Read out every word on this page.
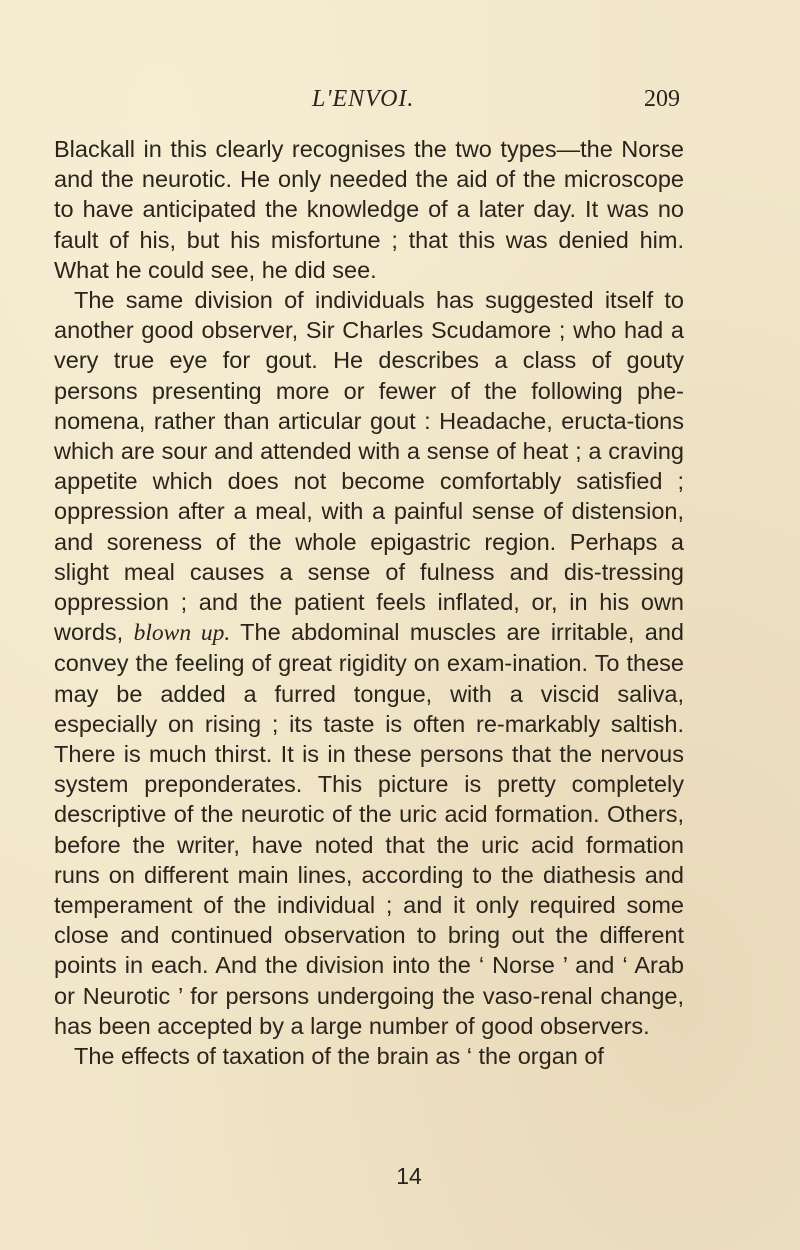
L'ENVOI.	209

Blackall in this clearly recognises the two types—the Norse and the neurotic. He only needed the aid of the microscope to have anticipated the knowledge of a later day. It was no fault of his, but his misfortune ; that this was denied him. What he could see, he did see.

The same division of individuals has suggested itself to another good observer, Sir Charles Scudamore ; who had a very true eye for gout. He describes a class of gouty persons presenting more or fewer of the following phe-nomena, rather than articular gout : Headache, eructa-tions which are sour and attended with a sense of heat ; a craving appetite which does not become comfortably satisfied ; oppression after a meal, with a painful sense of distension, and soreness of the whole epigastric region. Perhaps a slight meal causes a sense of fulness and dis-tressing oppression ; and the patient feels inflated, or, in his own words, blown up. The abdominal muscles are irritable, and convey the feeling of great rigidity on exam-ination. To these may be added a furred tongue, with a viscid saliva, especially on rising ; its taste is often re-markably saltish. There is much thirst. It is in these persons that the nervous system preponderates. This picture is pretty completely descriptive of the neurotic of the uric acid formation. Others, before the writer, have noted that the uric acid formation runs on different main lines, according to the diathesis and temperament of the individual ; and it only required some close and continued observation to bring out the different points in each. And the division into the ‘ Norse ’ and ‘ Arab or Neurotic ’ for persons undergoing the vaso-renal change, has been accepted by a large number of good observers.

The effects of taxation of the brain as ‘ the organ of

14
